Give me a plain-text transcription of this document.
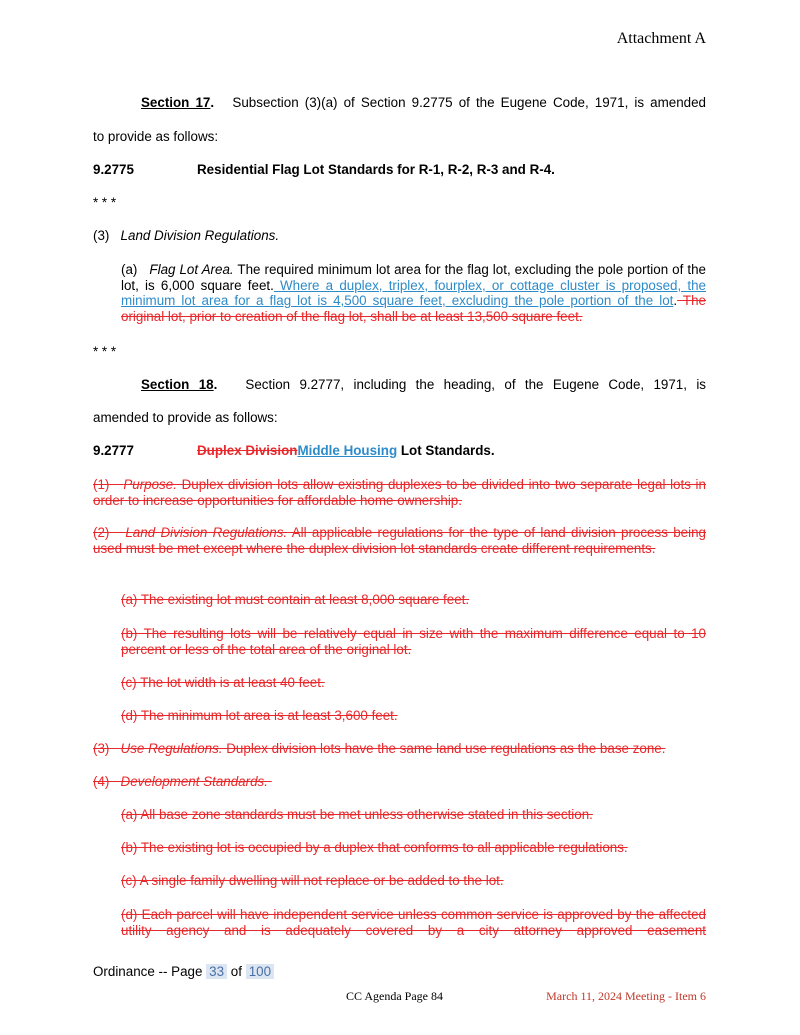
Attachment A
Section 17. Subsection (3)(a) of Section 9.2775 of the Eugene Code, 1971, is amended
to provide as follows:
9.2775	Residential Flag Lot Standards for R-1, R-2, R-3 and R-4.
* * *
(3) Land Division Regulations.
(a) Flag Lot Area. The required minimum lot area for the flag lot, excluding the pole portion of the lot, is 6,000 square feet. Where a duplex, triplex, fourplex, or cottage cluster is proposed, the minimum lot area for a flag lot is 4,500 square feet, excluding the pole portion of the lot. The original lot, prior to creation of the flag lot, shall be at least 13,500 square feet.
* * *
Section 18. Section 9.2777, including the heading, of the Eugene Code, 1971, is
amended to provide as follows:
9.2777	Duplex DivisionMiddle Housing Lot Standards.
(1) Purpose. Duplex division lots allow existing duplexes to be divided into two separate legal lots in order to increase opportunities for affordable home ownership.
(2) Land Division Regulations. All applicable regulations for the type of land division process being used must be met except where the duplex division lot standards create different requirements.
(a) The existing lot must contain at least 8,000 square feet.
(b) The resulting lots will be relatively equal in size with the maximum difference equal to 10 percent or less of the total area of the original lot.
(c) The lot width is at least 40 feet.
(d) The minimum lot area is at least 3,600 feet.
(3) Use Regulations. Duplex division lots have the same land use regulations as the base zone.
(4) Development Standards.
(a) All base zone standards must be met unless otherwise stated in this section.
(b) The existing lot is occupied by a duplex that conforms to all applicable regulations.
(c) A single family dwelling will not replace or be added to the lot.
(d) Each parcel will have independent service unless common service is approved by the affected utility agency and is adequately covered by a city attorney approved easement
Ordinance -- Page 33 of 100
CC Agenda Page 84	March 11, 2024 Meeting - Item 6
